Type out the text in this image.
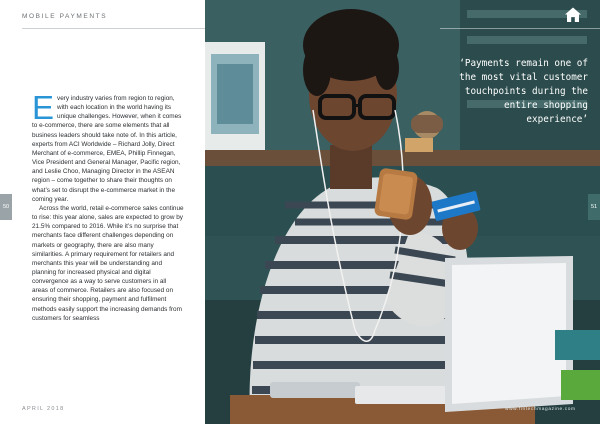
MOBILE PAYMENTS

Every industry varies from region to region, with each location in the world having its unique challenges. However, when it comes to e-commerce, there are some elements that all business leaders should take note of. In this article, experts from ACI Worldwide – Richard Jolly, Direct Merchant of e-commerce, EMEA, Phillip Finnegan, Vice President and General Manager, Pacific region, and Leslie Choo, Managing Director in the ASEAN region – come together to share their thoughts on what’s set to disrupt the e-commerce market in the coming year.

Across the world, retail e-commerce sales continue to rise: this year alone, sales are expected to grow by 21.5% compared to 2016. While it’s no surprise that merchants face different challenges depending on markets or geography, there are also many similarities. A primary requirement for retailers and merchants this year will be understanding and planning for increased physical and digital convergence as a way to serve customers in all areas of commerce. Retailers are also focused on ensuring their shopping, payment and fulfilment methods easily support the increasing demands from customers for seamless

APRIL 2018
50
‘Payments remain one of the most vital customer touchpoints during the entire shopping experience’
51
www.fintechmagazine.com
